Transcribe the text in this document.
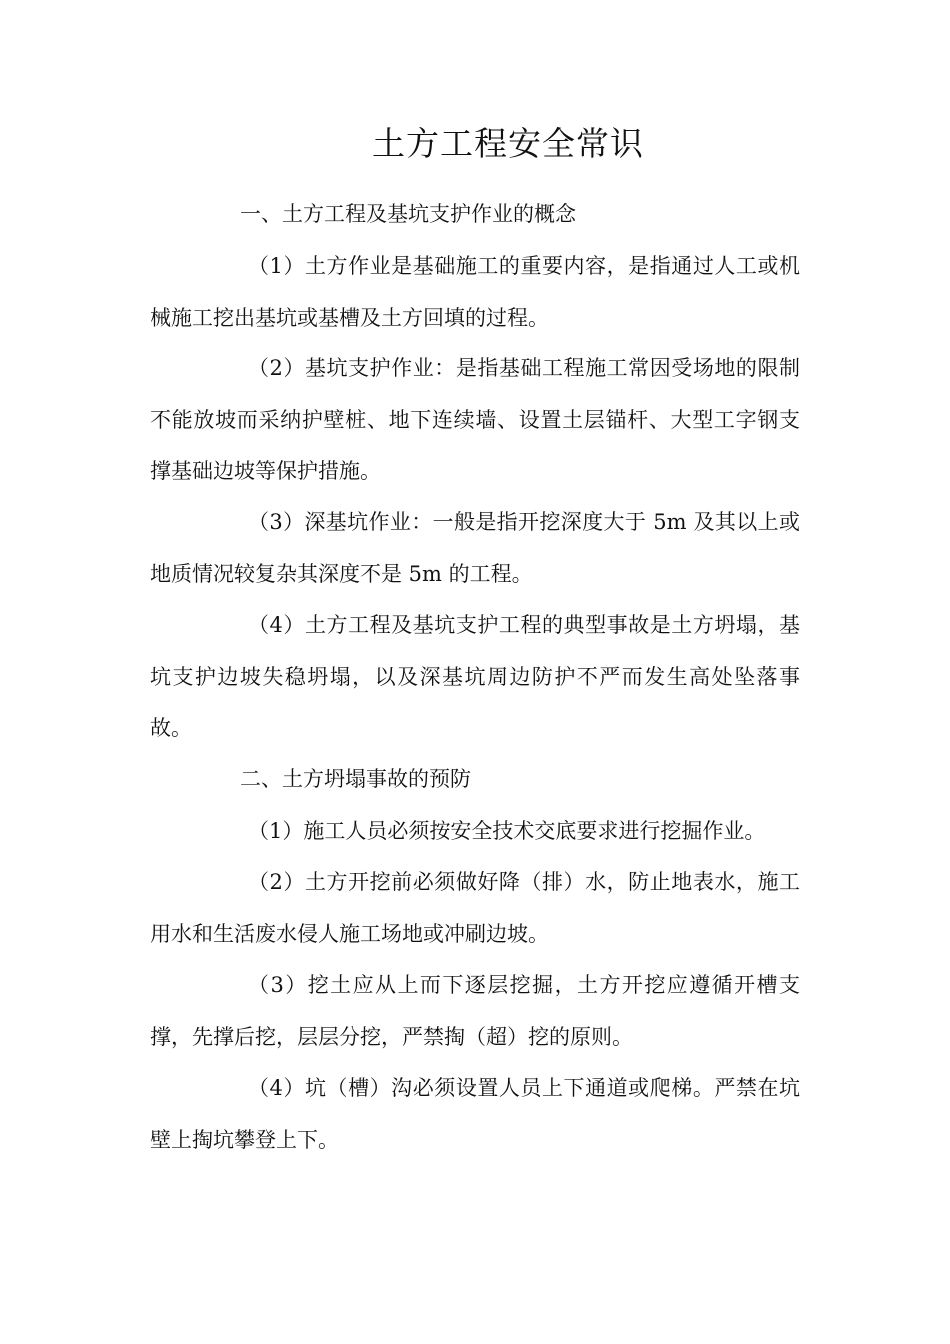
土方工程安全常识

一、土方工程及基坑支护作业的概念

（1）土方作业是基础施工的重要内容，是指通过人工或机械施工挖出基坑或基槽及土方回填的过程。

（2）基坑支护作业：是指基础工程施工常因受场地的限制不能放坡而采纳护壁桩、地下连续墙、设置土层锚杆、大型工字钢支撑基础边坡等保护措施。

（3）深基坑作业：一般是指开挖深度大于 5m 及其以上或地质情况较复杂其深度不是 5m 的工程。

（4）土方工程及基坑支护工程的典型事故是土方坍塌，基坑支护边坡失稳坍塌，以及深基坑周边防护不严而发生高处坠落事故。

二、土方坍塌事故的预防

（1）施工人员必须按安全技术交底要求进行挖掘作业。

（2）土方开挖前必须做好降（排）水，防止地表水，施工用水和生活废水侵人施工场地或冲刷边坡。

（3）挖土应从上而下逐层挖掘，土方开挖应遵循开槽支撑，先撑后挖，层层分挖，严禁掏（超）挖的原则。

（4）坑（槽）沟必须设置人员上下通道或爬梯。严禁在坑壁上掏坑攀登上下。
